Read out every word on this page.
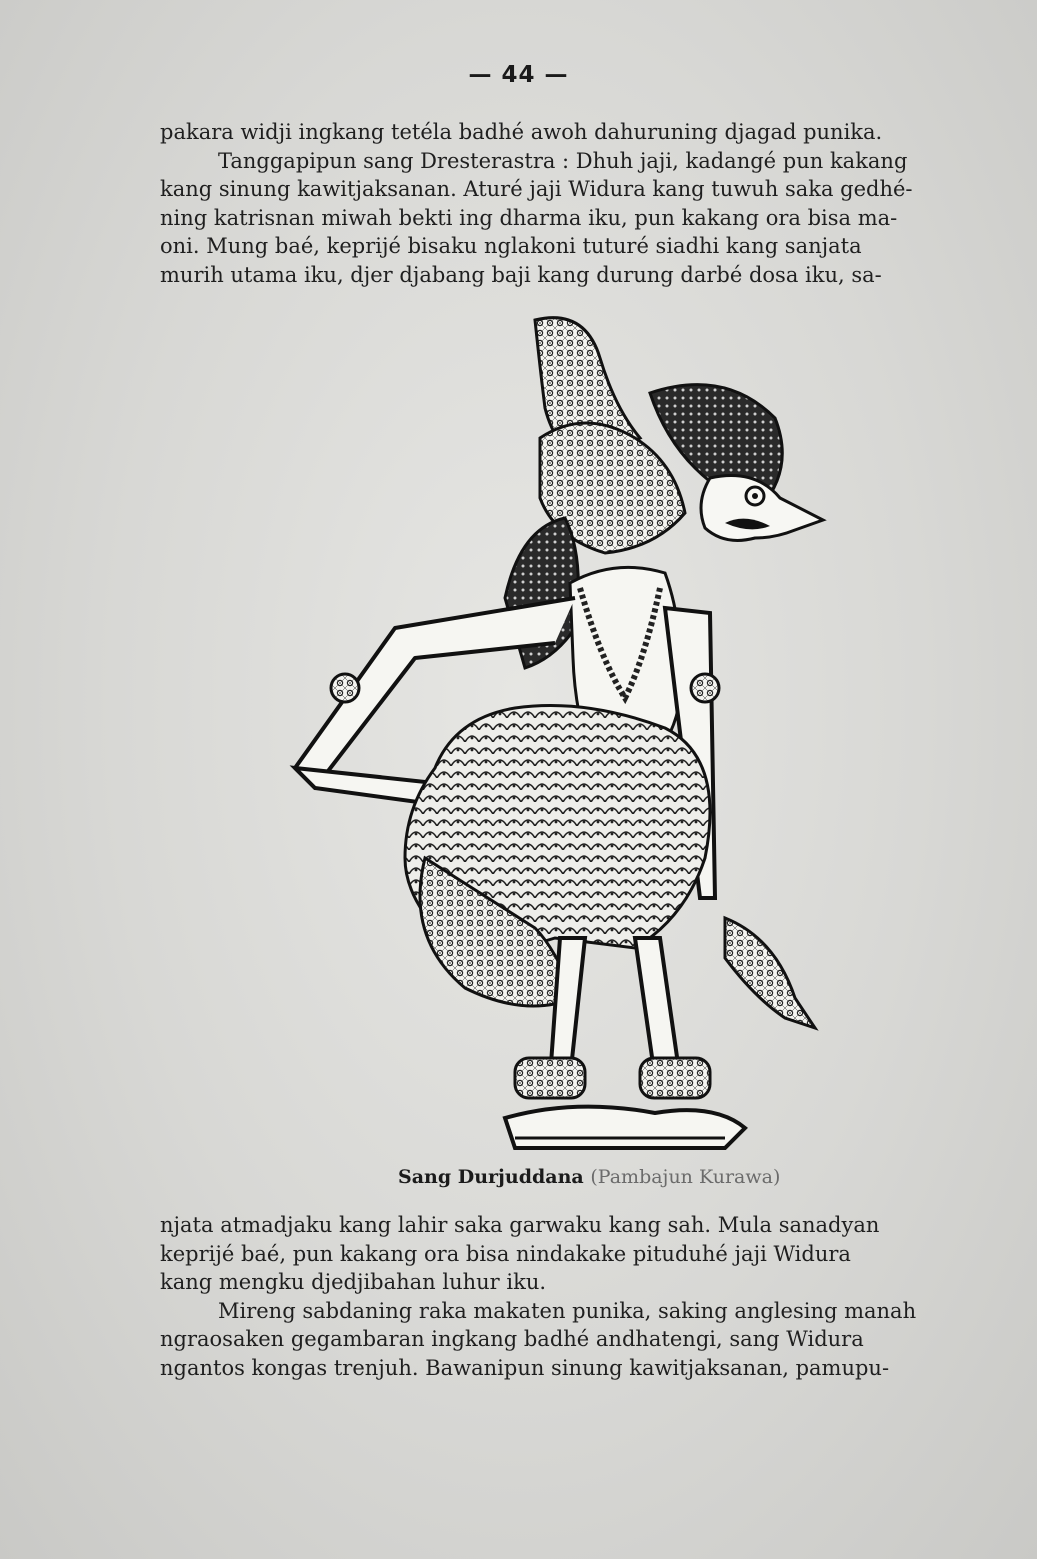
— 44 —

pakara widji ingkang tetéla badhé awoh dahuruning djagad punika.
Tanggapipun sang Dresterastra : Dhuh jaji, kadangé pun kakang
kang sinung kawitjaksanan. Aturé jaji Widura kang tuwuh saka gedhé-
ning katrisnan miwah bekti ing dharma iku, pun kakang ora bisa ma-
oni. Mung baé, keprijé bisaku nglakoni tuturé siadhi kang sanjata
murih utama iku, djer djabang baji kang durung darbé dosa iku, sa-

Sang Durjuddana (Pambajun Kurawa)

njata atmadjaku kang lahir saka garwaku kang sah. Mula sanadyan
keprijé baé, pun kakang ora bisa nindakake pituduhé jaji Widura
kang mengku djedjibahan luhur iku.
Mireng sabdaning raka makaten punika, saking anglesing manah
ngraosaken gegambaran ingkang badhé andhatengi, sang Widura
ngantos kongas trenjuh. Bawanipun sinung kawitjaksanan, pamupu-
